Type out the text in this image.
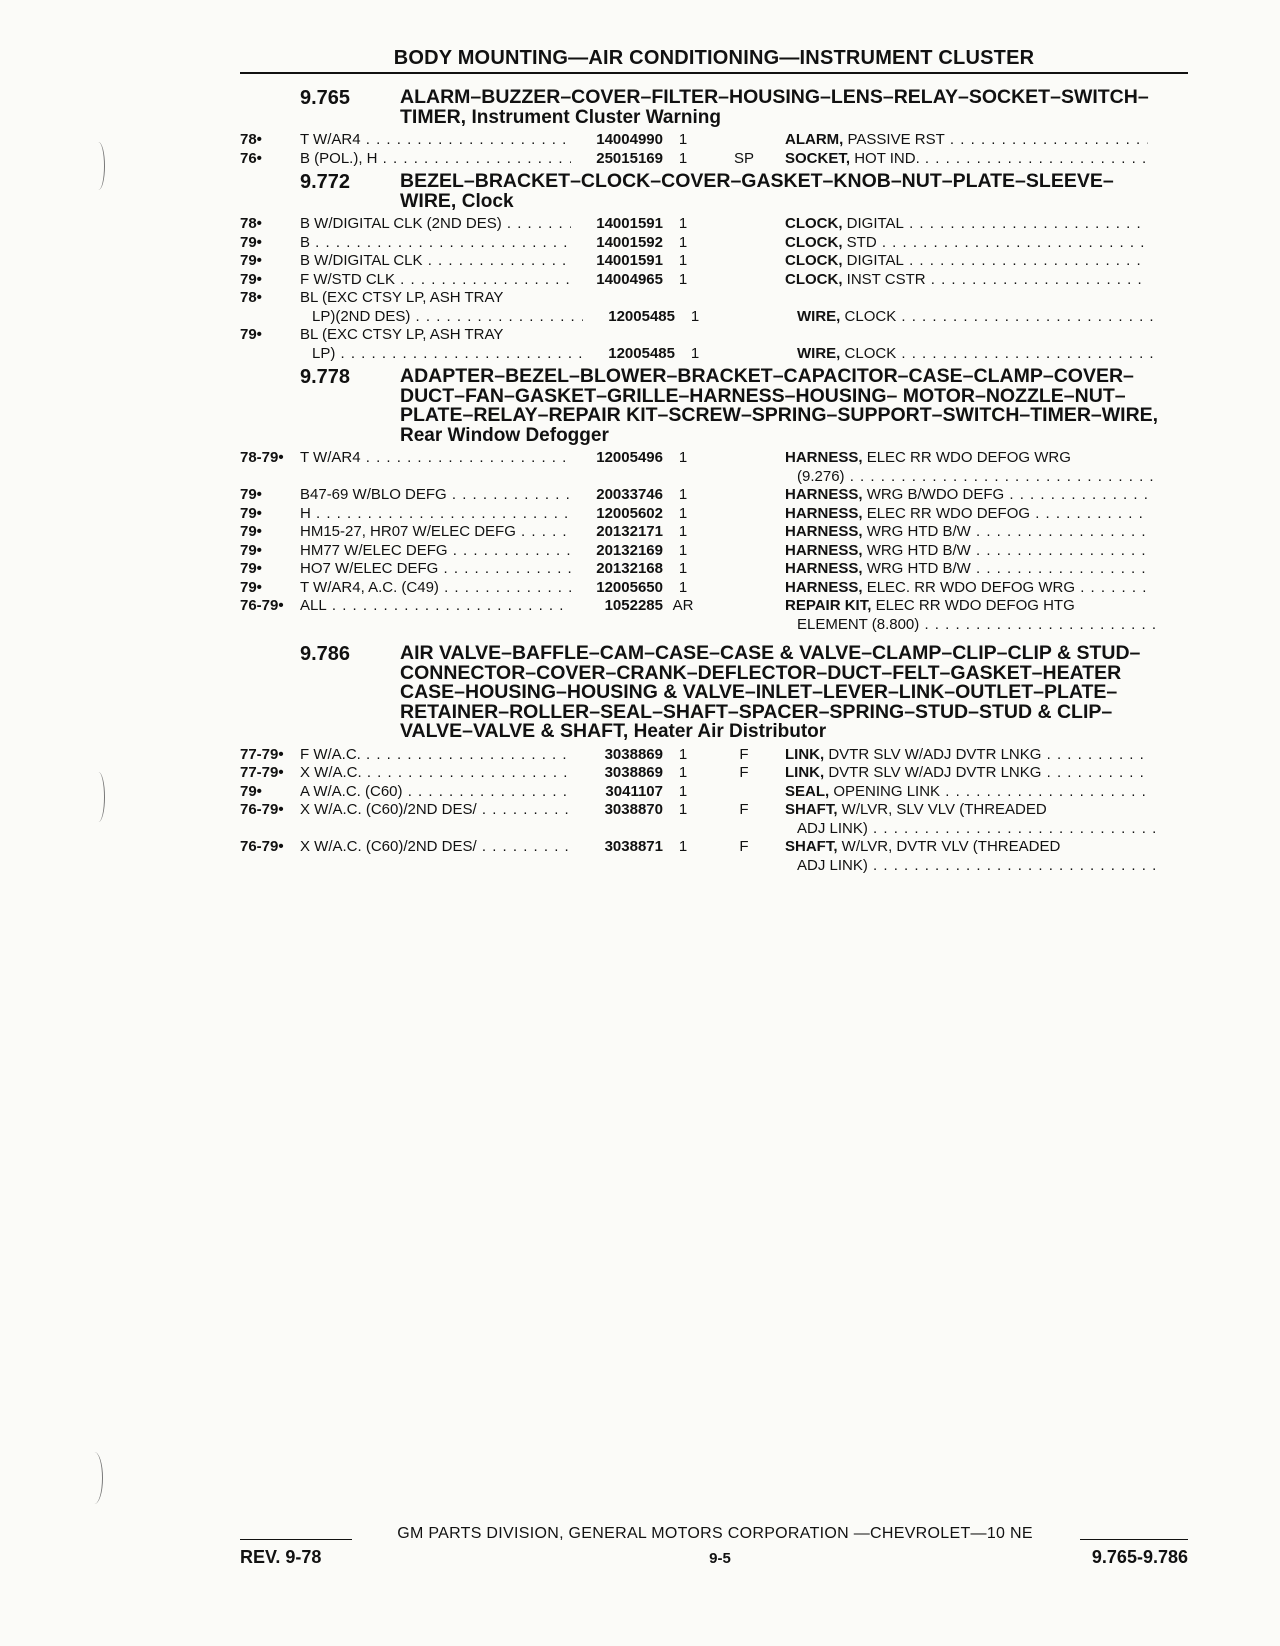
BODY MOUNTING—AIR CONDITIONING—INSTRUMENT CLUSTER
9.765	ALARM–BUZZER–COVER–FILTER–HOUSING–LENS–RELAY–SOCKET–SWITCH–TIMER, Instrument Cluster Warning
78•	T W/AR4 . . .	14004990	1	ALARM, PASSIVE RST . . .
76•	B (POL.), H . . .	25015169	1	SP	SOCKET, HOT IND. . . .
9.772	BEZEL–BRACKET–CLOCK–COVER–GASKET–KNOB–NUT–PLATE–SLEEVE–WIRE, Clock
78•	B W/DIGITAL CLK (2ND DES) . . .	14001591	1	CLOCK, DIGITAL . . .
79•	B . . .	14001592	1	CLOCK, STD . . .
79•	B W/DIGITAL CLK . . .	14001591	1	CLOCK, DIGITAL . . .
79•	F W/STD CLK . . .	14004965	1	CLOCK, INST CSTR . . .
78•	BL (EXC CTSY LP, ASH TRAY
LP)(2ND DES) . . .	12005485	1	WIRE, CLOCK . . .
79•	BL (EXC CTSY LP, ASH TRAY
LP) . . .	12005485	1	WIRE, CLOCK . . .
9.778	ADAPTER–BEZEL–BLOWER–BRACKET–CAPACITOR–CASE–CLAMP–COVER–DUCT–FAN–GASKET–GRILLE–HARNESS–HOUSING– MOTOR–NOZZLE–NUT–PLATE–RELAY–REPAIR KIT–SCREW–SPRING–SUPPORT–SWITCH–TIMER–WIRE, Rear Window Defogger
78-79•	T W/AR4 . . .	12005496	1	HARNESS, ELEC RR WDO DEFOG WRG
(9.276) . . .
79•	B47-69 W/BLO DEFG . . .	20033746	1	HARNESS, WRG B/WDO DEFG . . .
79•	H . . .	12005602	1	HARNESS, ELEC RR WDO DEFOG . . .
79•	HM15-27, HR07 W/ELEC DEFG . . .	20132171	1	HARNESS, WRG HTD B/W . . .
79•	HM77 W/ELEC DEFG . . .	20132169	1	HARNESS, WRG HTD B/W . . .
79•	HO7 W/ELEC DEFG . . .	20132168	1	HARNESS, WRG HTD B/W . . .
79•	T W/AR4, A.C. (C49) . . .	12005650	1	HARNESS, ELEC. RR WDO DEFOG WRG . . .
76-79•	ALL . . .	1052285 AR	REPAIR KIT, ELEC RR WDO DEFOG HTG
ELEMENT (8.800) . . .
9.786	AIR VALVE–BAFFLE–CAM–CASE–CASE & VALVE–CLAMP–CLIP–CLIP & STUD–CONNECTOR–COVER–CRANK–DEFLECTOR–DUCT–FELT–GASKET–HEATER CASE–HOUSING–HOUSING & VALVE–INLET–LEVER–LINK–OUTLET–PLATE–RETAINER–ROLLER–SEAL–SHAFT–SPACER–SPRING–STUD–STUD & CLIP–VALVE–VALVE & SHAFT, Heater Air Distributor
77-79•	F W/A.C. . . .	3038869	1	F	LINK, DVTR SLV W/ADJ DVTR LNKG . . .
77-79•	X W/A.C. . . .	3038869	1	F	LINK, DVTR SLV W/ADJ DVTR LNKG . . .
79•	A W/A.C. (C60) . . .	3041107	1	SEAL, OPENING LINK . . .
76-79•	X W/A.C. (C60)/2ND DES/ . . .	3038870	1	F	SHAFT, W/LVR, SLV VLV (THREADED
ADJ LINK) . . .
76-79•	X W/A.C. (C60)/2ND DES/ . . .	3038871	1	F	SHAFT, W/LVR, DVTR VLV (THREADED
ADJ LINK) . . .
GM PARTS DIVISION, GENERAL MOTORS CORPORATION —CHEVROLET—10 NE
REV. 9-78	9-5	9.765-9.786
